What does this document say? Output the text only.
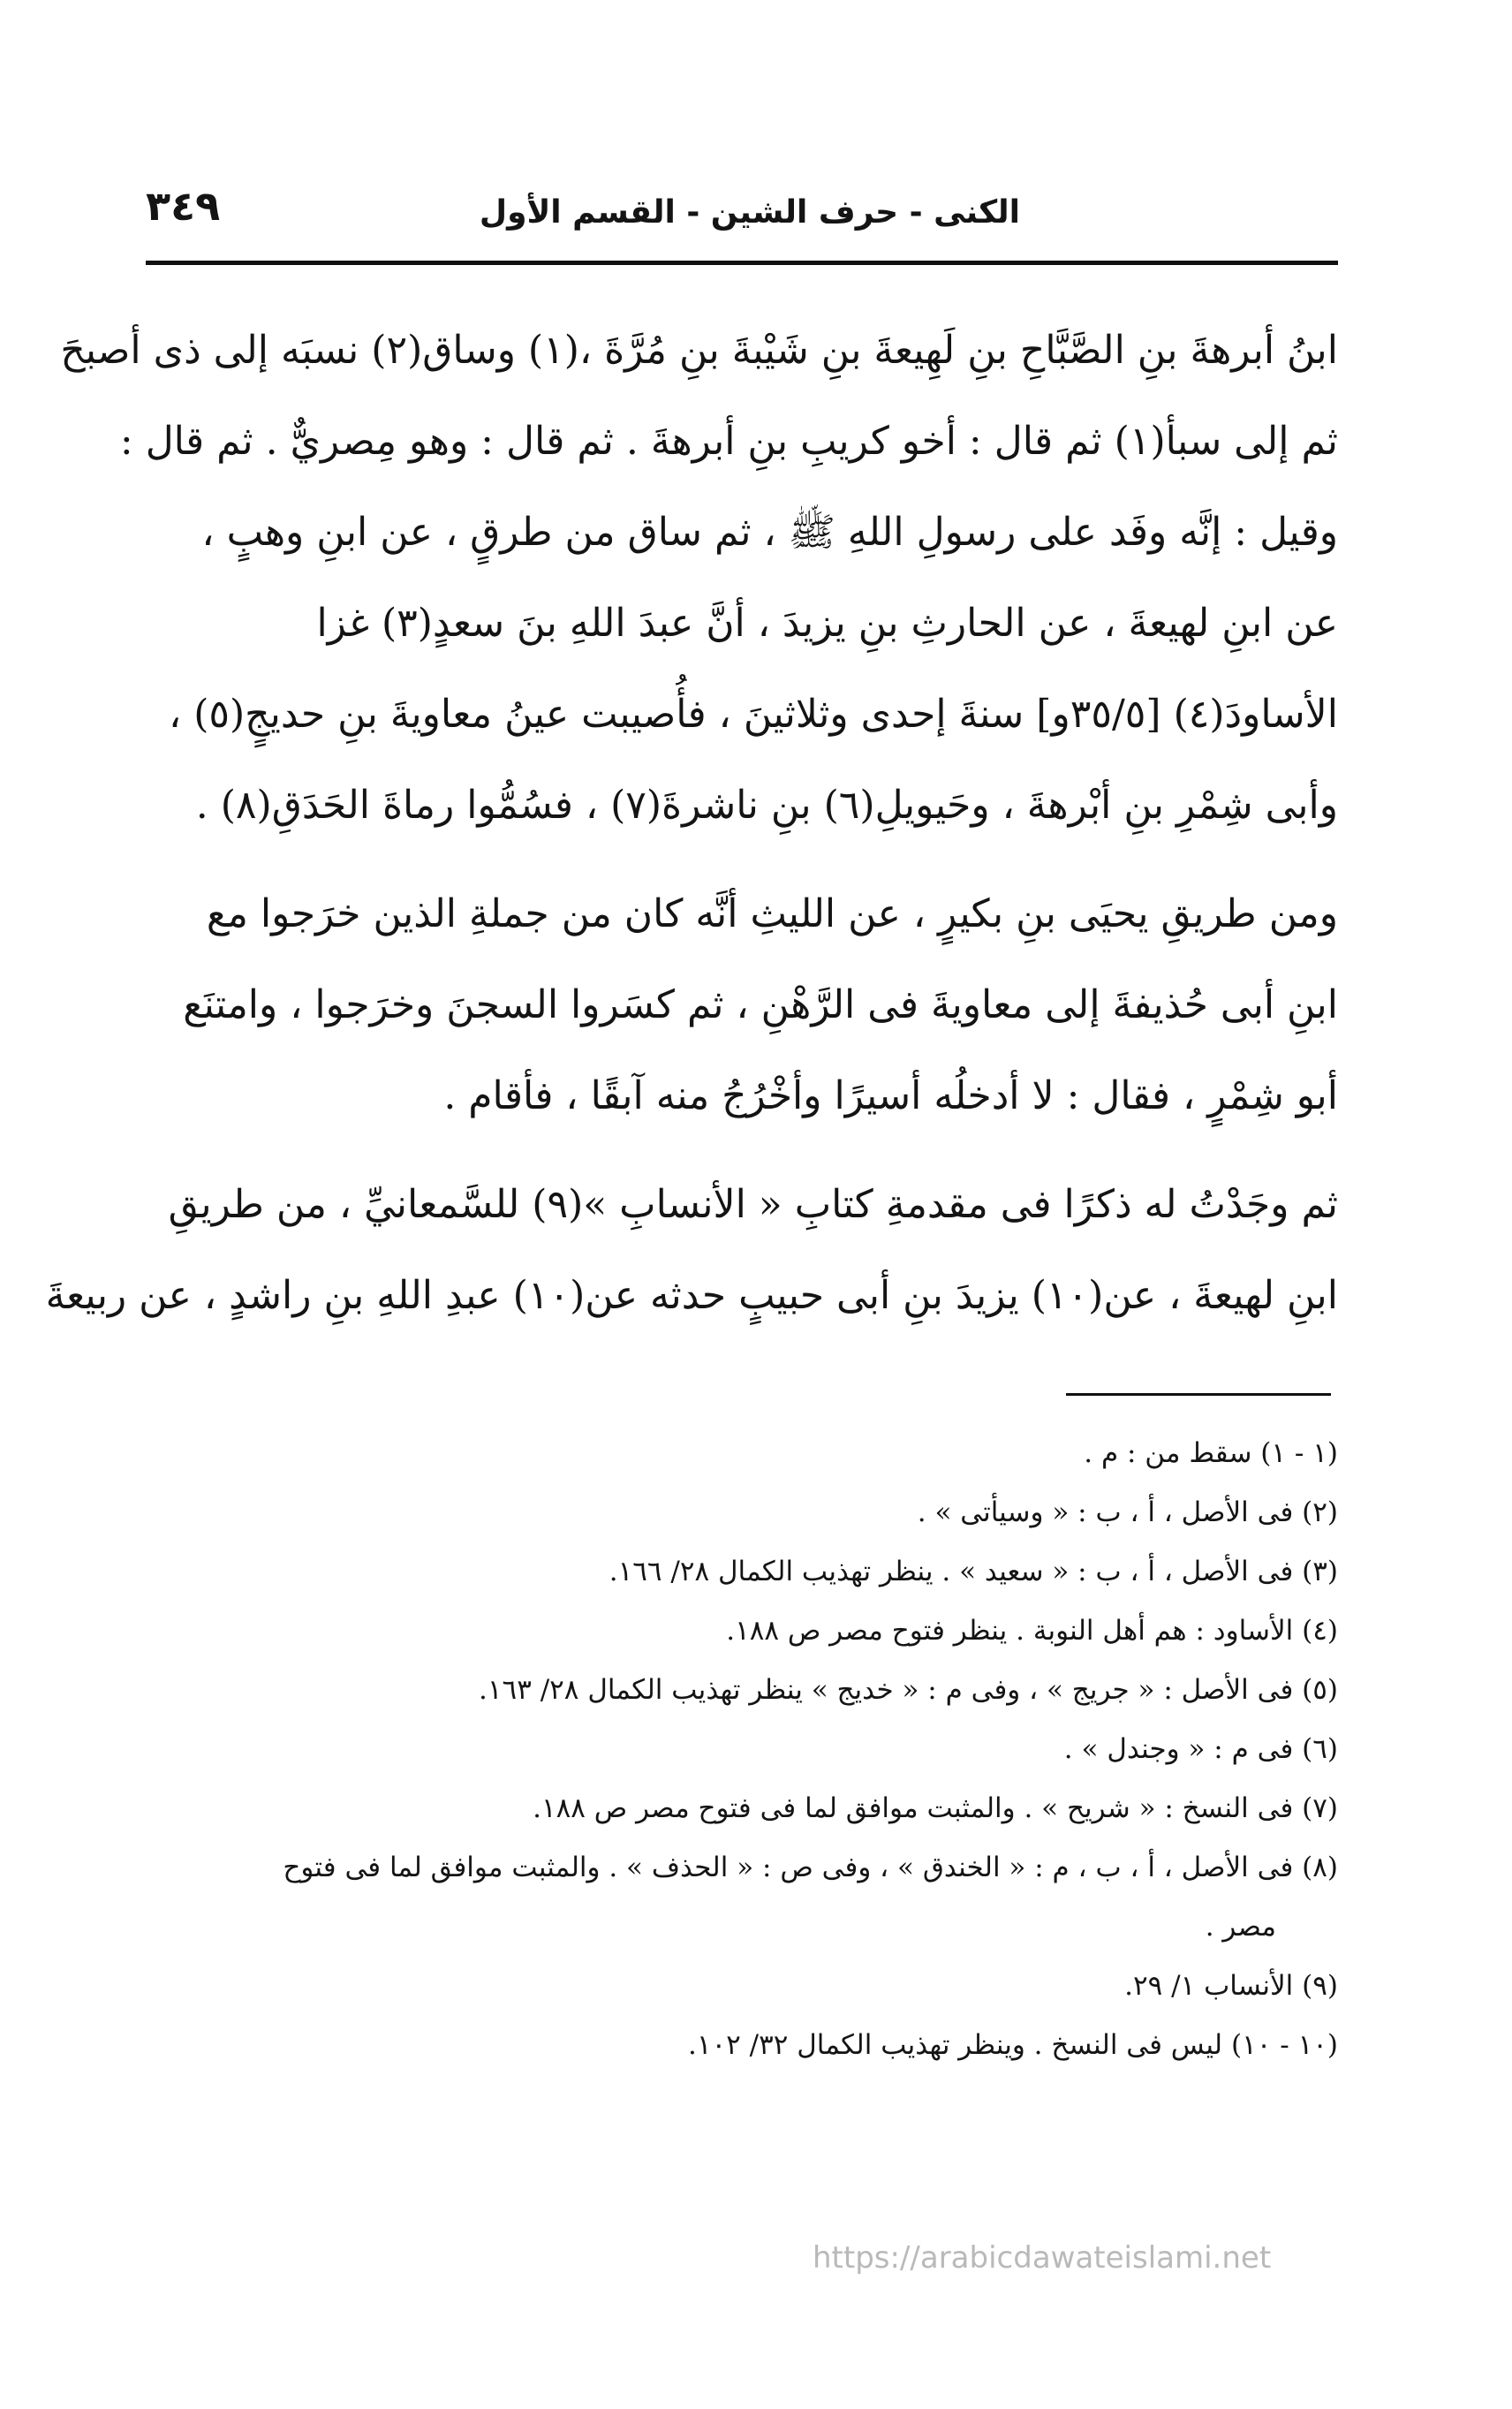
الكنى - حرف الشين - القسم الأول
٣٤٩
ابنُ أبرهةَ بنِ الصَّبَّاحِ بنِ لَهِيعةَ بنِ شَيْبةَ بنِ مُرَّةَ ،(١) وساق(٢) نسبَه إلى ذى أصبحَ
ثم إلى سبأ(١) ثم قال : أخو كريبِ بنِ أبرهةَ . ثم قال : وهو مِصريٌّ . ثم قال :
وقيل : إنَّه وفَد على رسولِ اللهِ ﷺ ، ثم ساق من طرقٍ ، عن ابنِ وهبٍ ،
عن ابنِ لهيعةَ ، عن الحارثِ بنِ يزيدَ ، أنَّ عبدَ اللهِ بنَ سعدٍ(٣) غزا
الأساودَ(٤) [٣٥/٥و] سنةَ إحدى وثلاثينَ ، فأُصيبت عينُ معاويةَ بنِ حديجٍ(٥) ،
وأبى شِمْرِ بنِ أبْرهةَ ، وحَيويلِ(٦) بنِ ناشرةَ(٧) ، فسُمُّوا رماةَ الحَدَقِ(٨) .
ومن طريقِ يحيَى بنِ بكيرٍ ، عن الليثِ أنَّه كان من جملةِ الذين خرَجوا مع
ابنِ أبى حُذيفةَ إلى معاويةَ فى الرَّهْنِ ، ثم كسَروا السجنَ وخرَجوا ، وامتنَع
أبو شِمْرٍ ، فقال : لا أدخلُه أسيرًا وأخْرُجُ منه آبقًا ، فأقام .
ثم وجَدْتُ له ذكرًا فى مقدمةِ كتابِ « الأنسابِ »(٩) للسَّمعانيِّ ، من طريقِ
ابنِ لهيعةَ ، عن(١٠) يزيدَ بنِ أبى حبيبٍ حدثه عن(١٠) عبدِ اللهِ بنِ راشدٍ ، عن ربيعةَ
(١ - ١) سقط من : م .
(٢) فى الأصل ، أ ، ب : « وسيأتى » .
(٣) فى الأصل ، أ ، ب : « سعيد » . ينظر تهذيب الكمال ٢٨/ ١٦٦.
(٤) الأساود : هم أهل النوبة . ينظر فتوح مصر ص ١٨٨.
(٥) فى الأصل : « جريج » ، وفى م : « خديج » ينظر تهذيب الكمال ٢٨/ ١٦٣.
(٦) فى م : « وجندل » .
(٧) فى النسخ : « شريح » . والمثبت موافق لما فى فتوح مصر ص ١٨٨.
(٨) فى الأصل ، أ ، ب ، م : « الخندق » ، وفى ص : « الحذف » . والمثبت موافق لما فى فتوح
مصر .
(٩) الأنساب ١/ ٢٩.
(١٠ - ١٠) ليس فى النسخ . وينظر تهذيب الكمال ٣٢/ ١٠٢.
https://arabicdawateislami.net
